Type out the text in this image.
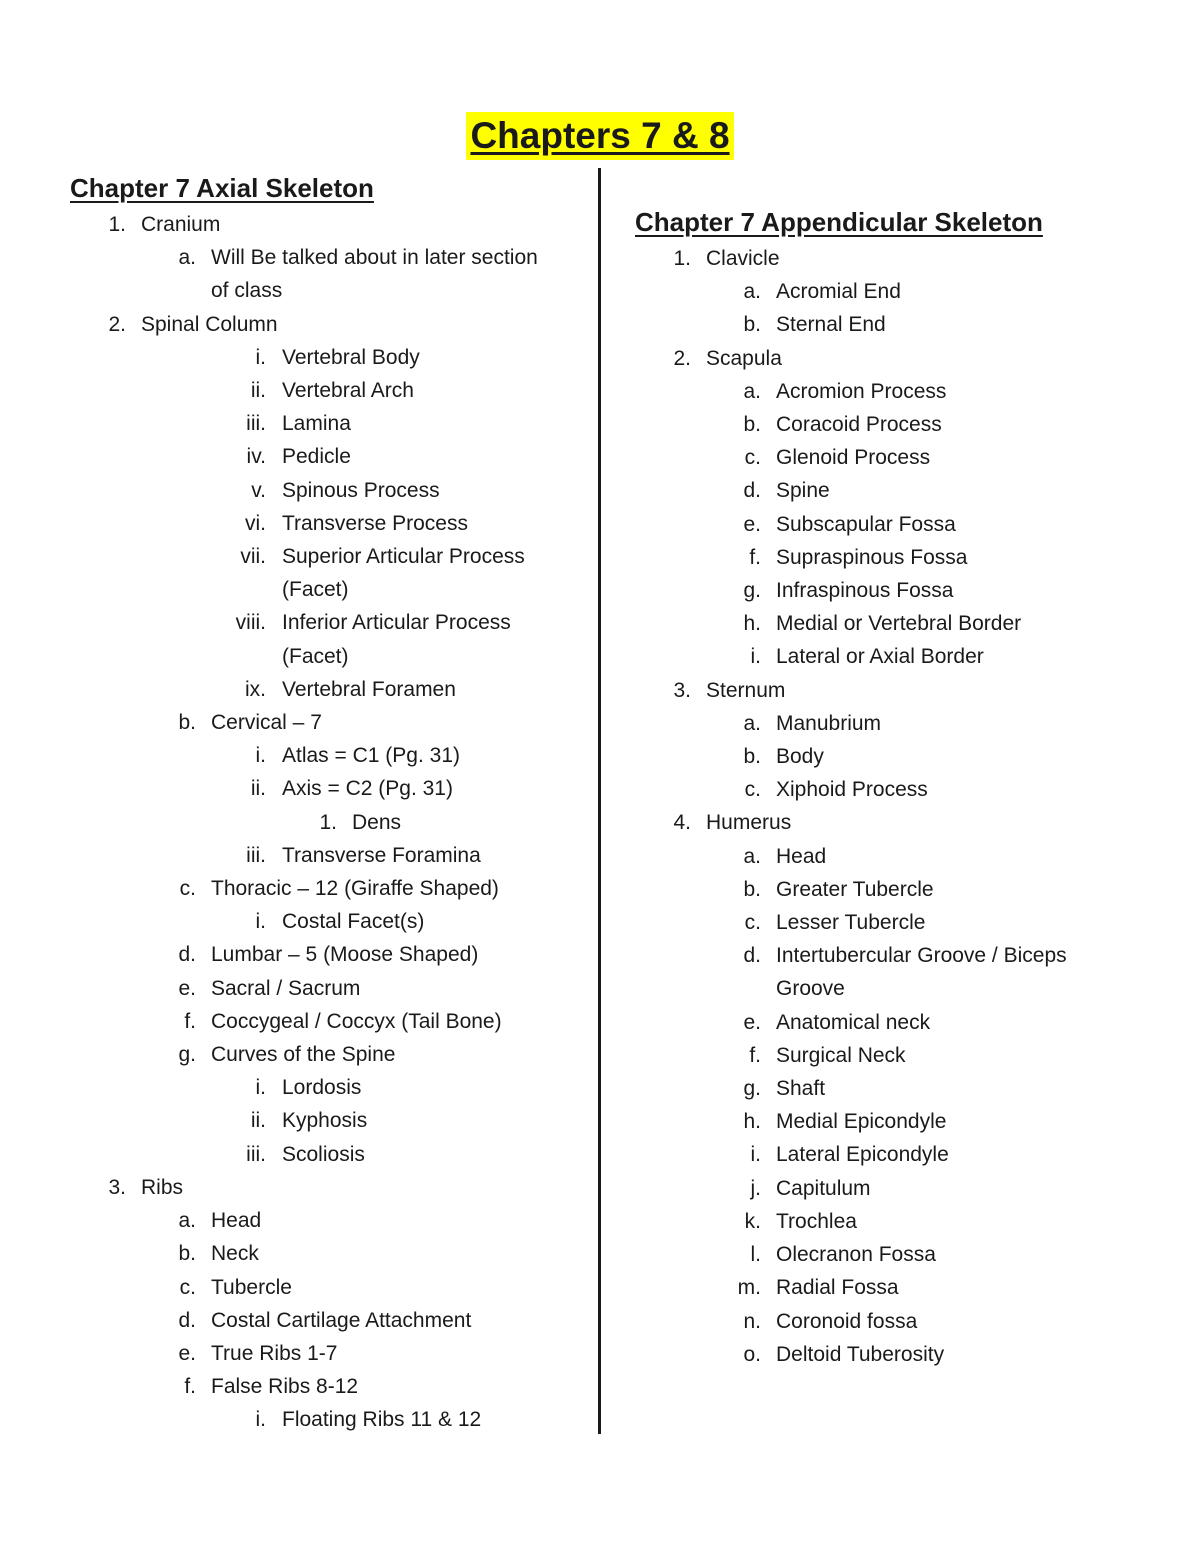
Chapters 7 & 8
Chapter 7 Axial Skeleton
1. Cranium
a. Will Be talked about in later section of class
2. Spinal Column
i. Vertebral Body
ii. Vertebral Arch
iii. Lamina
iv. Pedicle
v. Spinous Process
vi. Transverse Process
vii. Superior Articular Process (Facet)
viii. Inferior Articular Process (Facet)
ix. Vertebral Foramen
b. Cervical – 7
i. Atlas = C1 (Pg. 31)
ii. Axis = C2 (Pg. 31)
1. Dens
iii. Transverse Foramina
c. Thoracic – 12 (Giraffe Shaped)
i. Costal Facet(s)
d. Lumbar – 5 (Moose Shaped)
e. Sacral / Sacrum
f. Coccygeal / Coccyx (Tail Bone)
g. Curves of the Spine
i. Lordosis
ii. Kyphosis
iii. Scoliosis
3. Ribs
a. Head
b. Neck
c. Tubercle
d. Costal Cartilage Attachment
e. True Ribs 1-7
f. False Ribs 8-12
i. Floating Ribs 11 & 12
Chapter 7 Appendicular Skeleton
1. Clavicle
a. Acromial End
b. Sternal End
2. Scapula
a. Acromion Process
b. Coracoid Process
c. Glenoid Process
d. Spine
e. Subscapular Fossa
f. Supraspinous Fossa
g. Infraspinous Fossa
h. Medial or Vertebral Border
i. Lateral or Axial Border
3. Sternum
a. Manubrium
b. Body
c. Xiphoid Process
4. Humerus
a. Head
b. Greater Tubercle
c. Lesser Tubercle
d. Intertubercular Groove / Biceps Groove
e. Anatomical neck
f. Surgical Neck
g. Shaft
h. Medial Epicondyle
i. Lateral Epicondyle
j. Capitulum
k. Trochlea
l. Olecranon Fossa
m. Radial Fossa
n. Coronoid fossa
o. Deltoid Tuberosity
